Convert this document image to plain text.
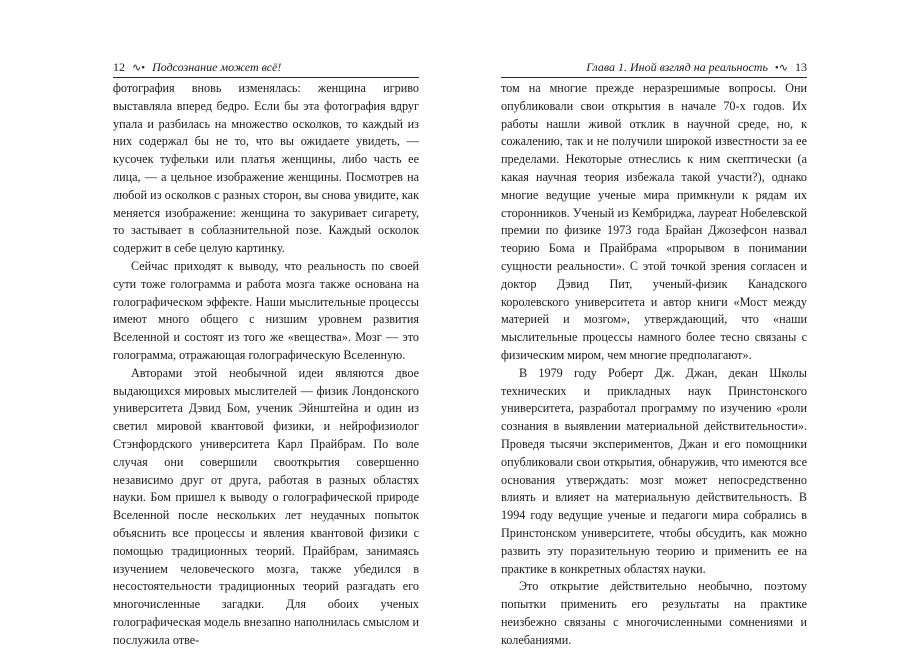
12 ∿• Подсознание может всё!

фотография вновь изменялась: женщина игриво выставляла вперед бедро. Если бы эта фотография вдруг упала и разбилась на множество осколков, то каждый из них содержал бы не то, что вы ожидаете увидеть, — кусочек туфельки или платья женщины, либо часть ее лица, — а цельное изображение женщины. Посмотрев на любой из осколков с разных сторон, вы снова увидите, как меняется изображение: женщина то закуривает сигарету, то застывает в соблазнительной позе. Каждый осколок содержит в себе целую картинку.

Сейчас приходят к выводу, что реальность по своей сути тоже голограмма и работа мозга также основана на голографическом эффекте. Наши мыслительные процессы имеют много общего с низшим уровнем развития Вселенной и состоят из того же «вещества». Мозг — это голограмма, отражающая голографическую Вселенную.

Авторами этой необычной идеи являются двое выдающихся мировых мыслителей — физик Лондонского университета Дэвид Бом, ученик Эйнштейна и один из светил мировой квантовой физики, и нейрофизиолог Стэнфордского университета Карл Прайбрам. По воле случая они совершили свооткрытия совершенно независимо друг от друга, работая в разных областях науки. Бом пришел к выводу о голографической природе Вселенной после нескольких лет неудачных попыток объяснить все процессы и явления квантовой физики с помощью традиционных теорий. Прайбрам, занимаясь изучением человеческого мозга, также убедился в несостоятельности традиционных теорий разгадать его многочисленные загадки. Для обоих ученых голографическая модель внезапно наполнилась смыслом и послужила отве-

Глава 1. Иной взгляд на реальность •∿ 13

том на многие прежде неразрешимые вопросы. Они опубликовали свои открытия в начале 70-х годов. Их работы нашли живой отклик в научной среде, но, к сожалению, так и не получили широкой известности за ее пределами. Некоторые отнеслись к ним скептически (а какая научная теория избежала такой участи?), однако многие ведущие ученые мира примкнули к рядам их сторонников. Ученый из Кембриджа, лауреат Нобелевской премии по физике 1973 года Брайан Джозефсон назвал теорию Бома и Прайбрама «прорывом в понимании сущности реальности». С этой точкой зрения согласен и доктор Дэвид Пит, ученый-физик Канадского королевского университета и автор книги «Мост между материей и мозгом», утверждающий, что «наши мыслительные процессы намного более тесно связаны с физическим миром, чем многие предполагают».

В 1979 году Роберт Дж. Джан, декан Школы технических и прикладных наук Принстонского университета, разработал программу по изучению «роли сознания в выявлении материальной действительности». Проведя тысячи экспериментов, Джан и его помощники опубликовали свои открытия, обнаружив, что имеются все основания утверждать: мозг может непосредственно влиять и влияет на материальную действительность. В 1994 году ведущие ученые и педагоги мира собрались в Принстонском университете, чтобы обсудить, как можно развить эту поразительную теорию и применить ее на практике в конкретных областях науки.

Это открытие действительно необычно, поэтому попытки применить его результаты на практике неизбежно связаны с многочисленными сомнениями и колебаниями.
